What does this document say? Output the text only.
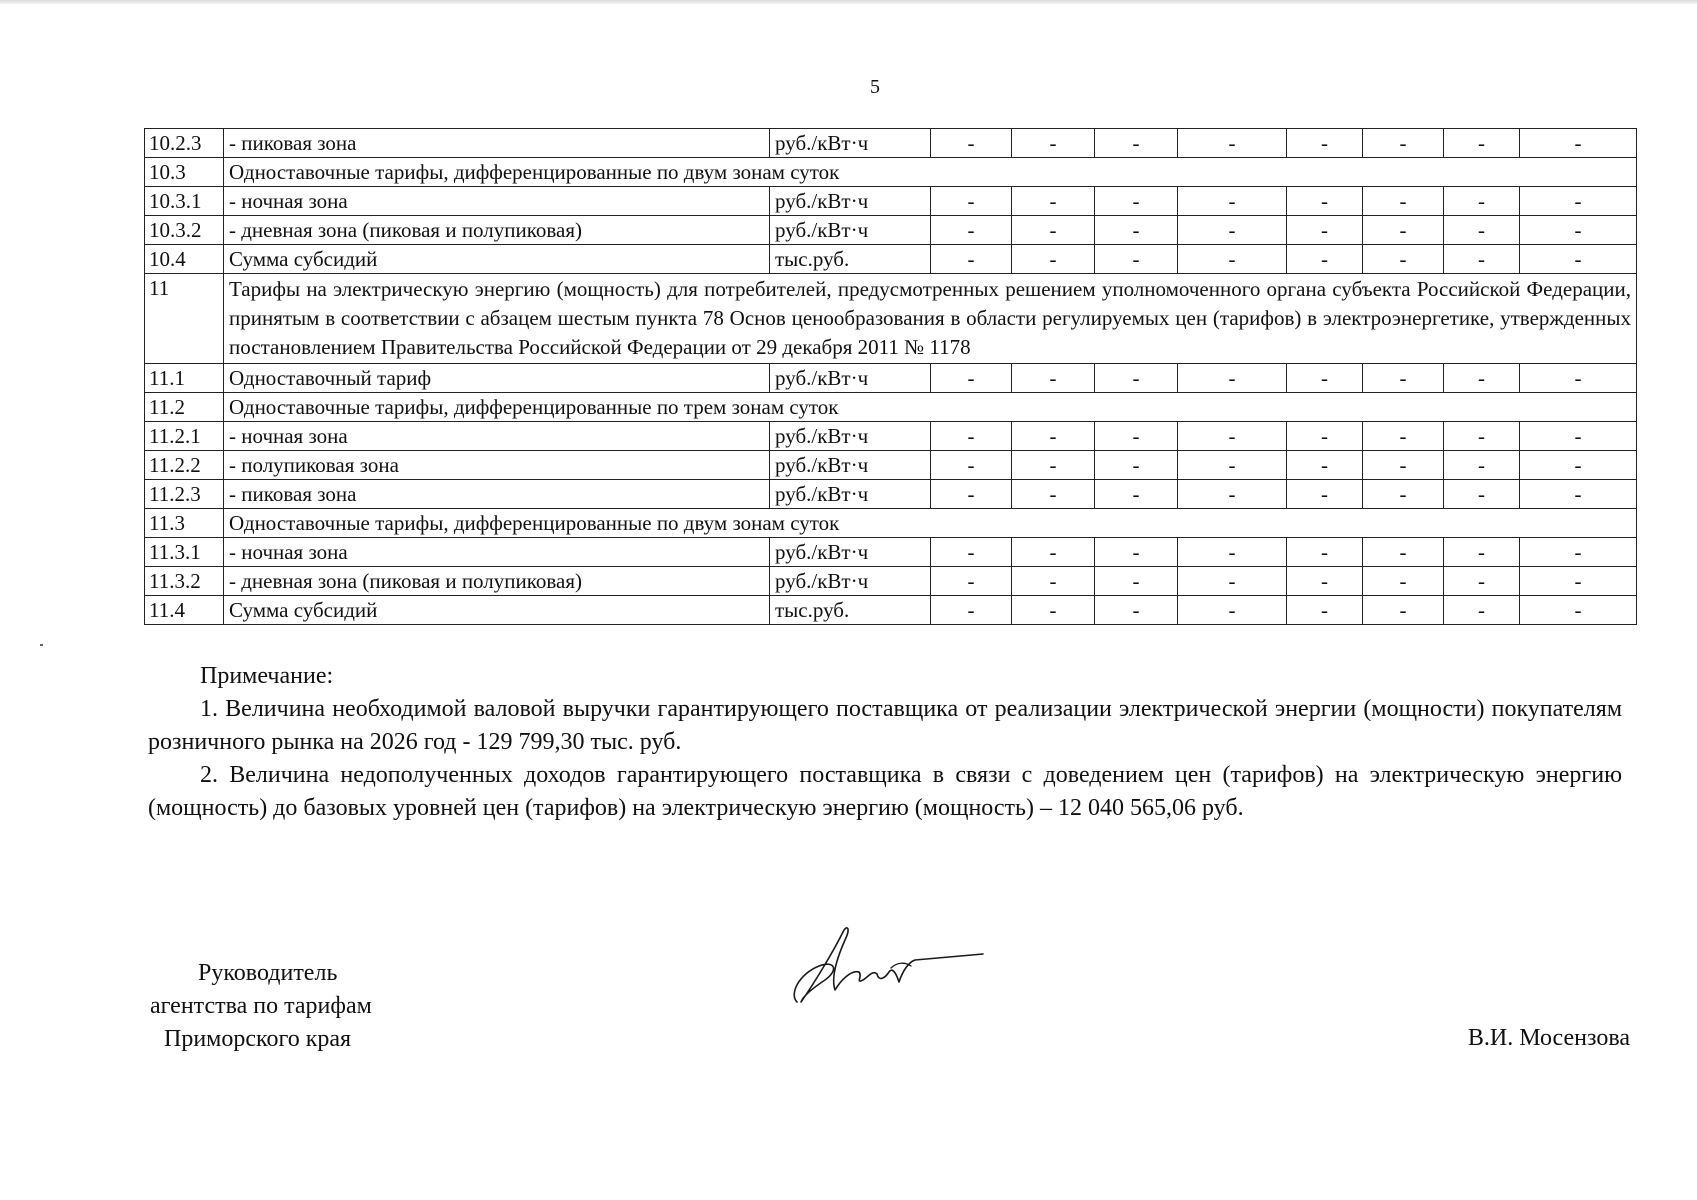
5
10.2.3	- пиковая зона	руб./кВт·ч	-	-	-	-	-	-	-	-
10.3	Одноставочные тарифы, дифференцированные по двум зонам суток									
10.3.1	- ночная зона	руб./кВт·ч	-	-	-	-	-	-	-	-
10.3.2	- дневная зона (пиковая и полупиковая)	руб./кВт·ч	-	-	-	-	-	-	-	-
10.4	Сумма субсидий	тыс.руб.	-	-	-	-	-	-	-	-
11	Тарифы на электрическую энергию (мощность) для потребителей, предусмотренных решением уполномоченного органа субъекта Российской Федерации, принятым в соответствии с абзацем шестым пункта 78 Основ ценообразования в области регулируемых цен (тарифов) в электроэнергетике, утвержденных постановлением Правительства Российской Федерации от 29 декабря 2011 № 1178									
11.1	Одноставочный тариф	руб./кВт·ч	-	-	-	-	-	-	-	-
11.2	Одноставочные тарифы, дифференцированные по трем зонам суток									
11.2.1	- ночная зона	руб./кВт·ч	-	-	-	-	-	-	-	-
11.2.2	- полупиковая зона	руб./кВт·ч	-	-	-	-	-	-	-	-
11.2.3	- пиковая зона	руб./кВт·ч	-	-	-	-	-	-	-	-
11.3	Одноставочные тарифы, дифференцированные по двум зонам суток									
11.3.1	- ночная зона	руб./кВт·ч	-	-	-	-	-	-	-	-
11.3.2	- дневная зона (пиковая и полупиковая)	руб./кВт·ч	-	-	-	-	-	-	-	-
11.4	Сумма субсидий	тыс.руб.	-	-	-	-	-	-	-	-

Примечание:

1. Величина необходимой валовой выручки гарантирующего поставщика от реализации электрической энергии (мощности) покупателям розничного рынка на 2026 год - 129 799,30 тыс. руб.

2. Величина недополученных доходов гарантирующего поставщика в связи с доведением цен (тарифов) на электрическую энергию (мощность) до базовых уровней цен (тарифов) на электрическую энергию (мощность) – 12 040 565,06 руб.

Руководитель
агентства по тарифам
Приморского края	В.И. Мосензова
